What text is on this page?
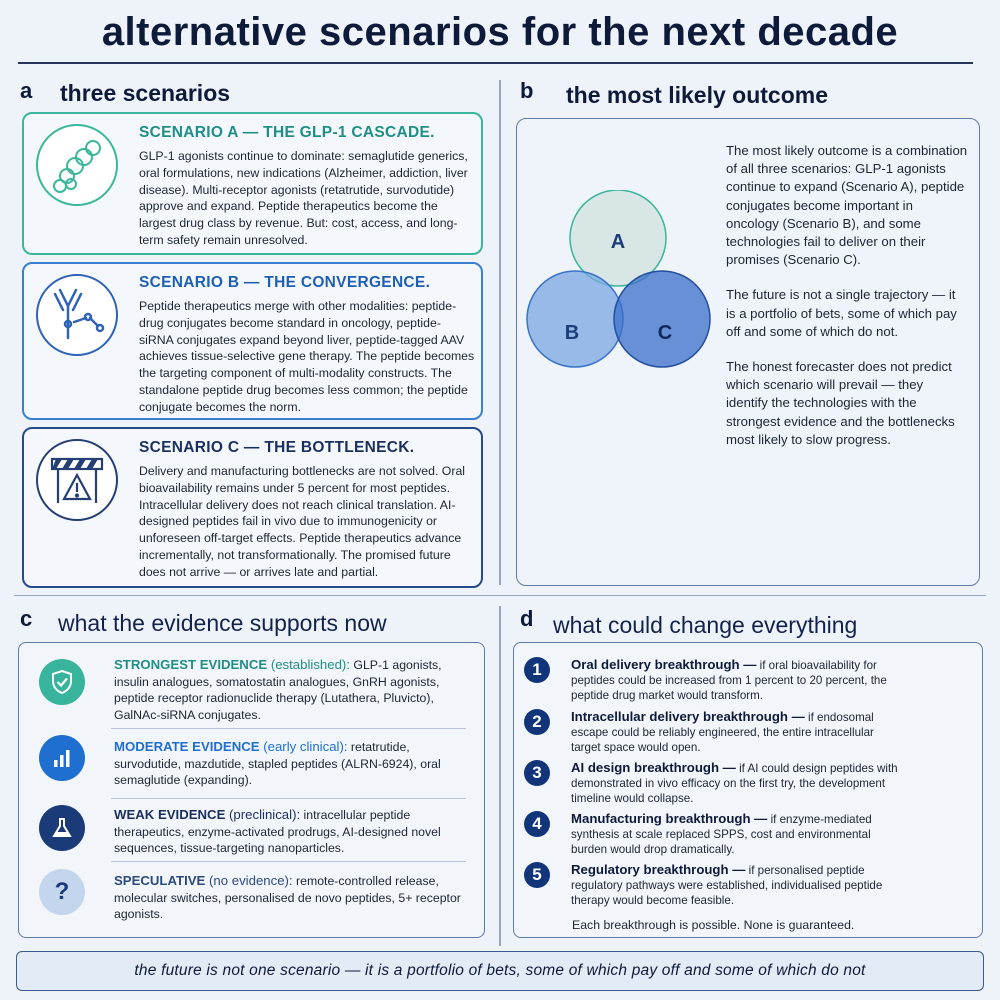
alternative scenarios for the next decade
a three scenarios
SCENARIO A — THE GLP-1 CASCADE.

GLP-1 agonists continue to dominate: semaglutide generics, oral formulations, new indications (Alzheimer, addiction, liver disease). Multi-receptor agonists (retatrutide, survodutide) approve and expand. Peptide therapeutics become the largest drug class by revenue. But: cost, access, and long-term safety remain unresolved.

SCENARIO B — THE CONVERGENCE.

Peptide therapeutics merge with other modalities: peptide-drug conjugates become standard in oncology, peptide-siRNA conjugates expand beyond liver, peptide-tagged AAV achieves tissue-selective gene therapy. The peptide becomes the targeting component of multi-modality constructs. The standalone peptide drug becomes less common; the peptide conjugate becomes the norm.

SCENARIO C — THE BOTTLENECK.

Delivery and manufacturing bottlenecks are not solved. Oral bioavailability remains under 5 percent for most peptides. Intracellular delivery does not reach clinical translation. AI-designed peptides fail in vivo due to immunogenicity or unforeseen off-target effects. Peptide therapeutics advance incrementally, not transformationally. The promised future does not arrive — or arrives late and partial.

b the most likely outcome
A
B	C

The most likely outcome is a combination of all three scenarios: GLP-1 agonists continue to expand (Scenario A), peptide conjugates become important in oncology (Scenario B), and some technologies fail to deliver on their promises (Scenario C).

The future is not a single trajectory — it is a portfolio of bets, some of which pay off and some of which do not.

The honest forecaster does not predict which scenario will prevail — they identify the technologies with the strongest evidence and the bottlenecks most likely to slow progress.

c what the evidence supports now
STRONGEST EVIDENCE (established): GLP-1 agonists, insulin analogues, somatostatin analogues, GnRH agonists, peptide receptor radionuclide therapy (Lutathera, Pluvicto), GalNAc-siRNA conjugates.
MODERATE EVIDENCE (early clinical): retatrutide, survodutide, mazdutide, stapled peptides (ALRN-6924), oral semaglutide (expanding).
WEAK EVIDENCE (preclinical): intracellular peptide therapeutics, enzyme-activated prodrugs, AI-designed novel sequences, tissue-targeting nanoparticles.
?	SPECULATIVE (no evidence): remote-controlled release, molecular switches, personalised de novo peptides, 5+ receptor agonists.
d what could change everything
1	Oral delivery breakthrough — if oral bioavailability for peptides could be increased from 1 percent to 20 percent, the peptide drug market would transform.
2	Intracellular delivery breakthrough — if endosomal escape could be reliably engineered, the entire intracellular target space would open.
3	AI design breakthrough — if AI could design peptides with demonstrated in vivo efficacy on the first try, the development timeline would collapse.
4	Manufacturing breakthrough — if enzyme-mediated synthesis at scale replaced SPPS, cost and environmental burden would drop dramatically.
5	Regulatory breakthrough — if personalised peptide regulatory pathways were established, individualised peptide therapy would become feasible.
Each breakthrough is possible. None is guaranteed.
the future is not one scenario — it is a portfolio of bets, some of which pay off and some of which do not
